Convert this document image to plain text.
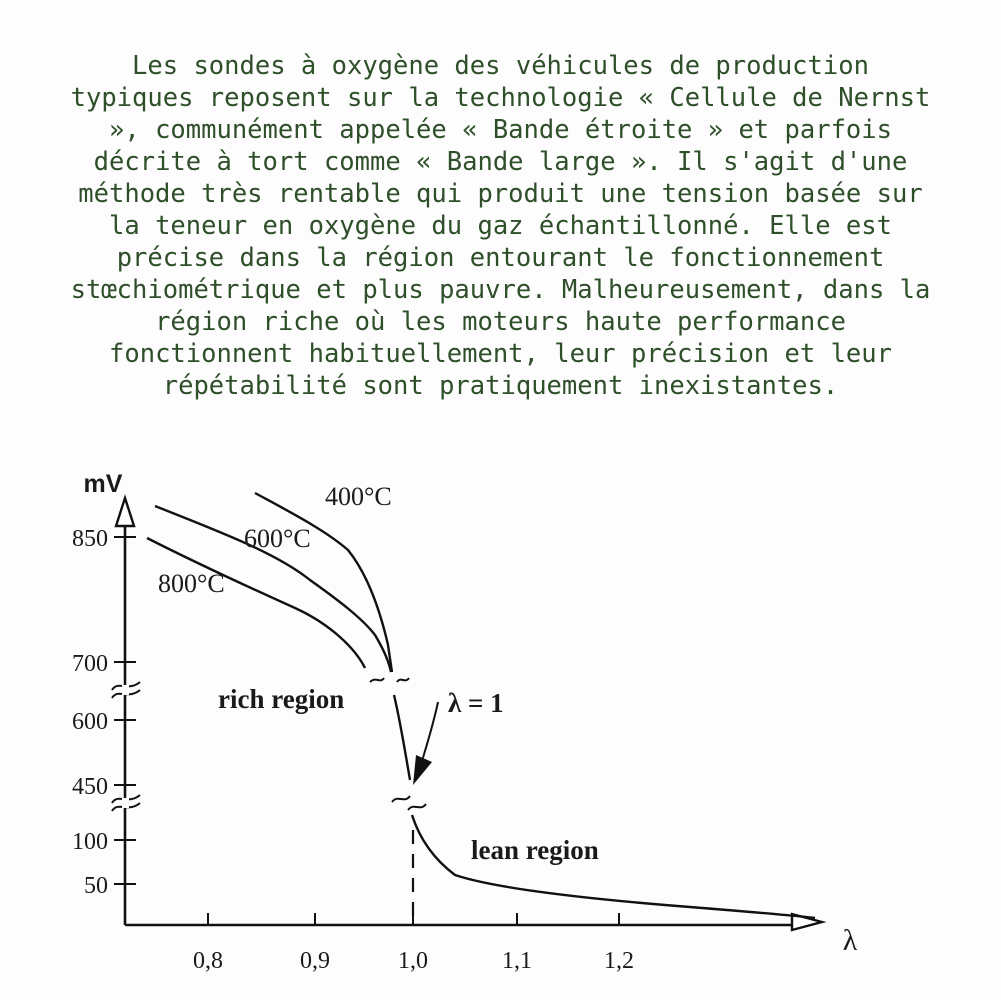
Les sondes à oxygène des véhicules de production
typiques reposent sur la technologie « Cellule de Nernst
», communément appelée « Bande étroite » et parfois
décrite à tort comme « Bande large ». Il s'agit d'une
méthode très rentable qui produit une tension basée sur
la teneur en oxygène du gaz échantillonné. Elle est
précise dans la région entourant le fonctionnement
stœchiométrique et plus pauvre. Malheureusement, dans la
région riche où les moteurs haute performance
fonctionnent habituellement, leur précision et leur
répétabilité sont pratiquement inexistantes.
850
700
600
450
100
50
0,8	0,9	1,0	1,1	1,2
mV
λ
400°C
600°C
800°C
rich region	λ = 1
lean region
